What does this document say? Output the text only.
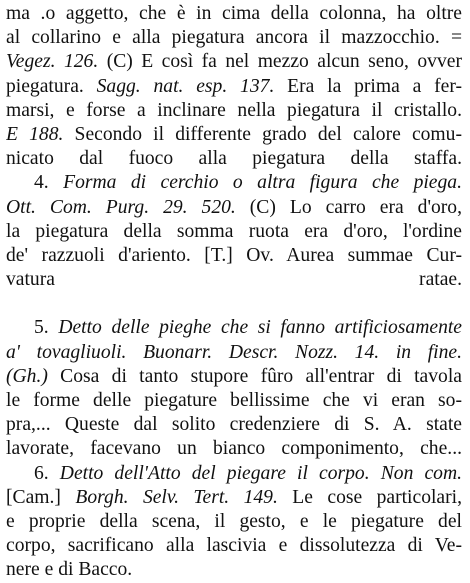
ma .o aggetto, che è in cima della colonna, ha oltre
al collarino e alla piegatura ancora il mazzocchio. =
Vegez. 126. (C) E così fa nel mezzo alcun seno, ovver
piegatura. Sagg. nat. esp. 137. Era la prima a fer-
marsi, e forse a inclinare nella piegatura il cristallo.
E 188. Secondo il differente grado del calore comu-
nicato dal fuoco alla piegatura della staffa.
4. Forma di cerchio o altra figura che piega.
Ott. Com. Purg. 29. 520. (C) Lo carro era d'oro,
la piegatura della somma ruota era d'oro, l'ordine
de' razzuoli d'ariento. [T.] Ov. Aurea summae Cur-
vatura ratae.
5. Detto delle pieghe che si fanno artificiosamente
a' tovagliuoli. Buonarr. Descr. Nozz. 14. in fine.
(Gh.) Cosa di tanto stupore fûro all'entrar di tavola
le forme delle piegature bellissime che vi eran so-
pra,... Queste dal solito credenziere di S. A. state
lavorate, facevano un bianco componimento, che...
6. Detto dell'Atto del piegare il corpo. Non com.
[Cam.] Borgh. Selv. Tert. 149. Le cose particolari,
e proprie della scena, il gesto, e le piegature del
corpo, sacrificano alla lascivia e dissolutezza di Ve-
nere e di Bacco.
